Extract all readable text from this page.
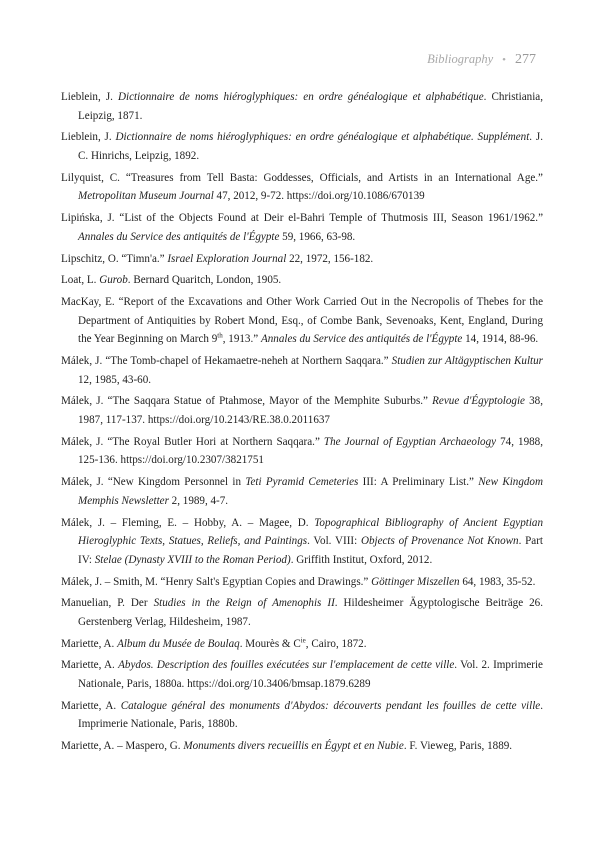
Bibliography • 277
Lieblein, J. Dictionnaire de noms hiéroglyphiques: en ordre généalogique et alphabétique. Christiania, Leipzig, 1871.
Lieblein, J. Dictionnaire de noms hiéroglyphiques: en ordre généalogique et alphabétique. Supplément. J. C. Hinrichs, Leipzig, 1892.
Lilyquist, C. “Treasures from Tell Basta: Goddesses, Officials, and Artists in an International Age.” Metropolitan Museum Journal 47, 2012, 9-72. https://doi.org/10.1086/670139
Lipińska, J. “List of the Objects Found at Deir el-Bahri Temple of Thutmosis III, Season 1961/1962.” Annales du Service des antiquités de l'Égypte 59, 1966, 63-98.
Lipschitz, O. “Timn'a.” Israel Exploration Journal 22, 1972, 156-182.
Loat, L. Gurob. Bernard Quaritch, London, 1905.
MacKay, E. “Report of the Excavations and Other Work Carried Out in the Necropolis of Thebes for the Department of Antiquities by Robert Mond, Esq., of Combe Bank, Sevenoaks, Kent, England, During the Year Beginning on March 9th, 1913.” Annales du Service des antiquités de l'Égypte 14, 1914, 88-96.
Málek, J. “The Tomb-chapel of Hekamaetre-neheh at Northern Saqqara.” Studien zur Altägyptischen Kultur 12, 1985, 43-60.
Málek, J. “The Saqqara Statue of Ptahmose, Mayor of the Memphite Suburbs.” Revue d'Égyptologie 38, 1987, 117-137. https://doi.org/10.2143/RE.38.0.2011637
Málek, J. “The Royal Butler Hori at Northern Saqqara.” The Journal of Egyptian Archaeology 74, 1988, 125-136. https://doi.org/10.2307/3821751
Málek, J. “New Kingdom Personnel in Teti Pyramid Cemeteries III: A Preliminary List.” New Kingdom Memphis Newsletter 2, 1989, 4-7.
Málek, J. – Fleming, E. – Hobby, A. – Magee, D. Topographical Bibliography of Ancient Egyptian Hieroglyphic Texts, Statues, Reliefs, and Paintings. Vol. VIII: Objects of Provenance Not Known. Part IV: Stelae (Dynasty XVIII to the Roman Period). Griffith Institut, Oxford, 2012.
Málek, J. – Smith, M. “Henry Salt's Egyptian Copies and Drawings.” Göttinger Miszellen 64, 1983, 35-52.
Manuelian, P. Der Studies in the Reign of Amenophis II. Hildesheimer Ägyptologische Beiträge 26. Gerstenberg Verlag, Hildesheim, 1987.
Mariette, A. Album du Musée de Boulaq. Mourès & $C^{ie}$, Cairo, 1872.
Mariette, A. Abydos. Description des fouilles exécutées sur l'emplacement de cette ville. Vol. 2. Imprimerie Nationale, Paris, 1880a. https://doi.org/10.3406/bmsap.1879.6289
Mariette, A. Catalogue général des monuments d'Abydos: découverts pendant les fouilles de cette ville. Imprimerie Nationale, Paris, 1880b.
Mariette, A. – Maspero, G. Monuments divers recueillis en Égypt et en Nubie. F. Vieweg, Paris, 1889.
